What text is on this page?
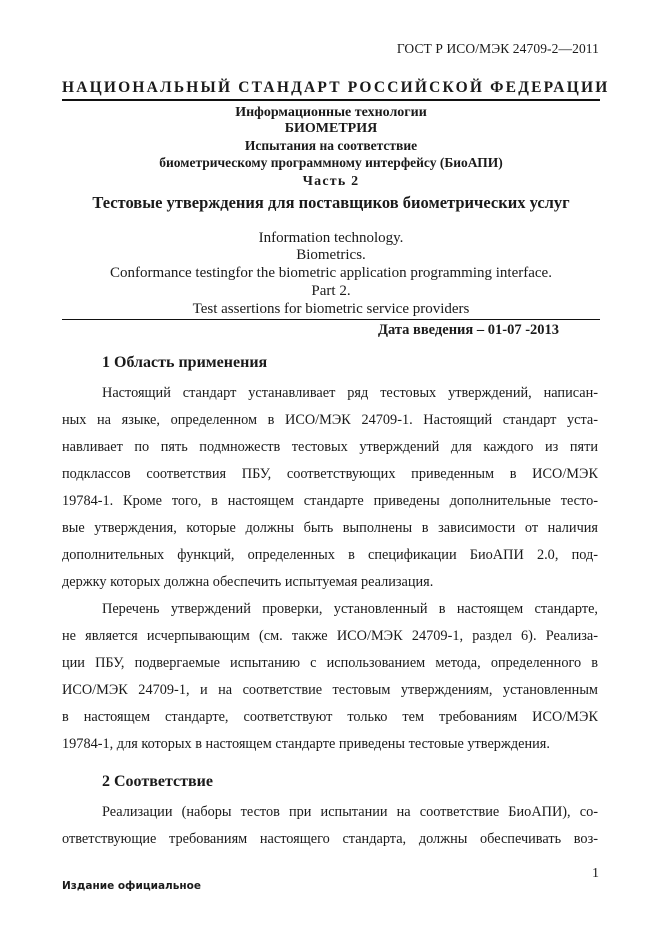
ГОСТ Р ИСО/МЭК 24709-2—2011
НАЦИОНАЛЬНЫЙ СТАНДАРТ РОССИЙСКОЙ ФЕДЕРАЦИИ
Информационные технологии
БИОМЕТРИЯ
Испытания на соответствие
биометрическому программному интерфейсу (БиоАПИ)
Часть 2
Тестовые утверждения для поставщиков биометрических услуг
Information technology.
Biometrics.
Conformance testingfor the biometric application programming interface.
Part 2.
Test assertions for biometric service providers
Дата введения – 01-07 -2013
1 Область применения
Настоящий стандарт устанавливает ряд тестовых утверждений, написан-
ных на языке, определенном в ИСО/МЭК 24709-1. Настоящий стандарт уста-
навливает по пять подмножеств тестовых утверждений для каждого из пяти
подклассов соответствия ПБУ, соответствующих приведенным в ИСО/МЭК
19784-1. Кроме того, в настоящем стандарте приведены дополнительные тесто-
вые утверждения, которые должны быть выполнены в зависимости от наличия
дополнительных функций, определенных в спецификации БиоАПИ 2.0, под-
держку которых должна обеспечить испытуемая реализация.
Перечень утверждений проверки, установленный в настоящем стандарте,
не является исчерпывающим (см. также ИСО/МЭК 24709-1, раздел 6). Реализа-
ции ПБУ, подвергаемые испытанию с использованием метода, определенного в
ИСО/МЭК 24709-1, и на соответствие тестовым утверждениям, установленным
в настоящем стандарте, соответствуют только тем требованиям ИСО/МЭК
19784-1, для которых в настоящем стандарте приведены тестовые утверждения.
2 Соответствие
Реализации (наборы тестов при испытании на соответствие БиоАПИ), со-
ответствующие требованиям настоящего стандарта, должны обеспечивать воз-
1
Издание официальное
